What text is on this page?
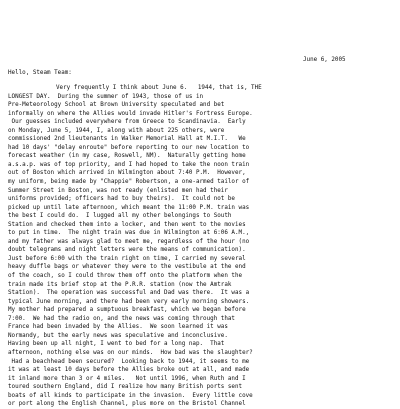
June 6, 2005
Hello, Steam Team:
Very frequently I think about June 6.   1944, that is, THE
LONGEST DAY.  During the summer of 1943, those of us in
Pre-Meteorology School at Brown University speculated and bet
informally on where the Allies would invade Hitler's Fortress Europe.
Our guesses included everywhere from Greece to Scandinavia.  Early
on Monday, June 5, 1944, I, along with about 225 others, were
commissioned 2nd lieutenants in Walker Memorial Hall at M.I.T.   We
had 10 days' "delay enroute" before reporting to our new location to
forecast weather (in my case, Roswell, NM).  Naturally getting home
a.s.a.p. was of top priority, and I had hoped to take the noon train
out of Boston which arrived in Wilmington about 7:40 P.M.  However,
my uniform, being made by "Chappie" Robertson, a one-armed tailor of
Summer Street in Boston, was not ready (enlisted men had their
uniforms provided; officers had to buy theirs).  It could not be
picked up until late afternoon, which meant the 11:00 P.M. train was
the best I could do.  I lugged all my other belongings to South
Station and checked them into a locker, and then went to the movies
to put in time.  The night train was due in Wilmington at 6:06 A.M.,
and my father was always glad to meet me, regardless of the hour (no
doubt telegrams and night letters were the means of communication).
Just before 6:00 with the train right on time, I carried my several
heavy duffle bags or whatever they were to the vestibule at the end
of the coach, so I could throw them off onto the platform when the
train made its brief stop at the P.R.R. station (now the Amtrak
Station).  The operation was successful and Dad was there.  It was a
typical June morning, and there had been very early morning showers.
My mother had prepared a sumptuous breakfast, which we began before
7:00.  We had the radio on, and the news was coming through that
France had been invaded by the Allies.  We soon learned it was
Normandy, but the early news was speculative and inconclusive.
Having been up all night, I went to bed for a long nap.  That
afternoon, nothing else was on our minds.  How bad was the slaughter?
Had a beachhead been secured?  Looking back to 1944, it seems to me
it was at least 10 days before the Allies broke out at all, and made
it inland more than 3 or 4 miles.   Not until 1996, when Ruth and I
toured southern England, did I realize how many British ports sent
boats of all kinds to participate in the invasion.  Every little cove
or port along the English Channel, plus more on the Bristol Channel
